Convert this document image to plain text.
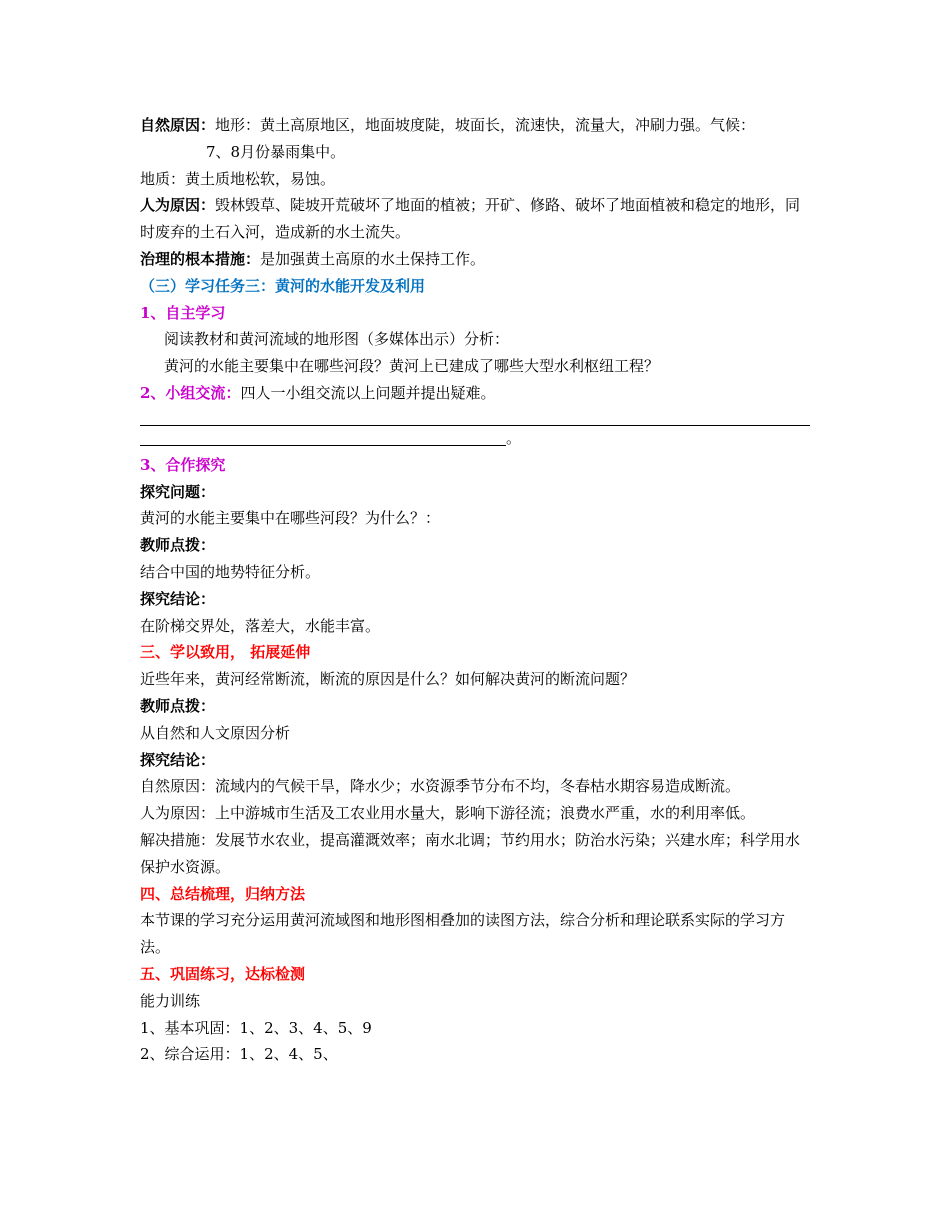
自然原因：地形：黄土高原地区，地面坡度陡，坡面长，流速快，流量大，冲刷力强。气候：

7、8月份暴雨集中。

地质：黄土质地松软，易蚀。

人为原因：毁林毁草、陡坡开荒破坏了地面的植被；开矿、修路、破坏了地面植被和稳定的地形，同时废弃的土石入河，造成新的水土流失。

治理的根本措施：是加强黄土高原的水土保持工作。

（三）学习任务三：黄河的水能开发及利用

1、自主学习

阅读教材和黄河流域的地形图（多媒体出示）分析：

黄河的水能主要集中在哪些河段？黄河上已建成了哪些大型水利枢纽工程？

2、小组交流：四人一小组交流以上问题并提出疑难。

。

3、合作探究

探究问题：

黄河的水能主要集中在哪些河段？为什么？：

教师点拨：

结合中国的地势特征分析。

探究结论：

在阶梯交界处，落差大，水能丰富。

三、学以致用， 拓展延伸

近些年来，黄河经常断流，断流的原因是什么？如何解决黄河的断流问题？

教师点拨：

从自然和人文原因分析

探究结论：

自然原因：流域内的气候干旱，降水少；水资源季节分布不均，冬春枯水期容易造成断流。

人为原因：上中游城市生活及工农业用水量大，影响下游径流；浪费水严重，水的利用率低。

解决措施：发展节水农业，提高灌溉效率；南水北调；节约用水；防治水污染；兴建水库；科学用水保护水资源。

四、总结梳理，归纳方法

本节课的学习充分运用黄河流域图和地形图相叠加的读图方法，综合分析和理论联系实际的学习方法。

五、巩固练习，达标检测

能力训练

1、基本巩固：1、2、3、4、5、9

2、综合运用：1、2、4、5、
